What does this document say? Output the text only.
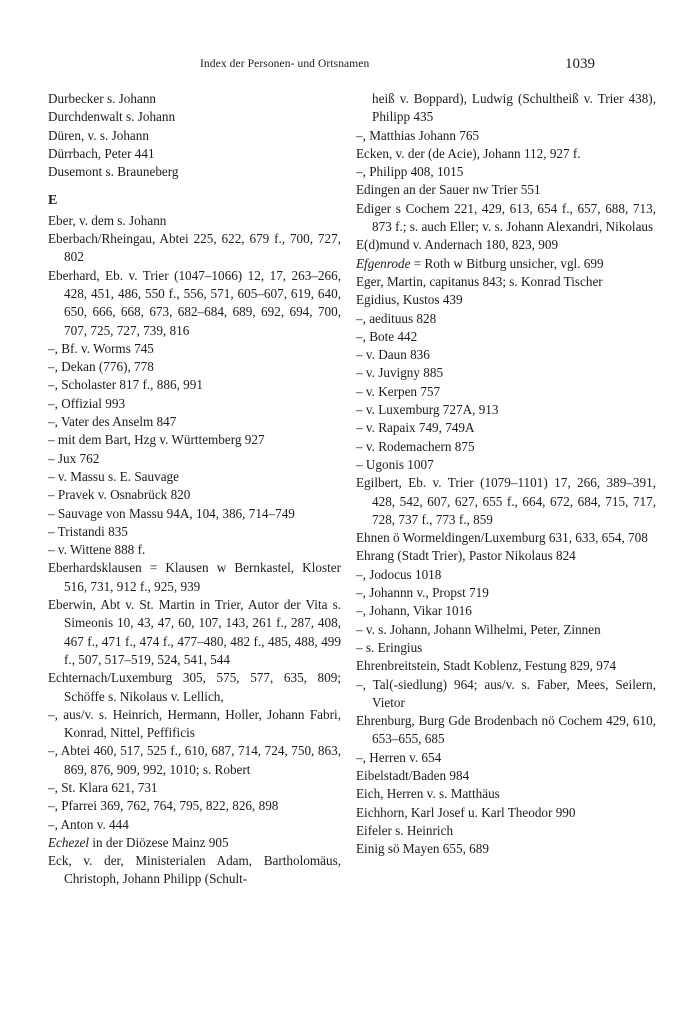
Index der Personen- und Ortsnamen	1039
Durbecker s. Johann
Durchdenwalt s. Johann
Düren, v. s. Johann
Dürrbach, Peter 441
Dusemont s. Brauneberg
E
Eber, v. dem s. Johann
Eberbach/Rheingau, Abtei 225, 622, 679 f., 700, 727, 802
Eberhard, Eb. v. Trier (1047–1066) 12, 17, 263–266, 428, 451, 486, 550 f., 556, 571, 605–607, 619, 640, 650, 666, 668, 673, 682–684, 689, 692, 694, 700, 707, 725, 727, 739, 816
–, Bf. v. Worms 745
–, Dekan (776), 778
–, Scholaster 817 f., 886, 991
–, Offizial 993
–, Vater des Anselm 847
– mit dem Bart, Hzg v. Württemberg 927
– Jux 762
– v. Massu s. E. Sauvage
– Pravek v. Osnabrück 820
– Sauvage von Massu 94A, 104, 386, 714–749
– Tristandi 835
– v. Wittene 888 f.
Eberhardsklausen = Klausen w Bernkastel, Kloster 516, 731, 912 f., 925, 939
Eberwin, Abt v. St. Martin in Trier, Autor der Vita s. Simeonis 10, 43, 47, 60, 107, 143, 261 f., 287, 408, 467 f., 471 f., 474 f., 477–480, 482 f., 485, 488, 499 f., 507, 517–519, 524, 541, 544
Echternach/Luxemburg 305, 575, 577, 635, 809; Schöffe s. Nikolaus v. Lellich,
–, aus/v. s. Heinrich, Hermann, Holler, Johann Fabri, Konrad, Nittel, Peffificis
–, Abtei 460, 517, 525 f., 610, 687, 714, 724, 750, 863, 869, 876, 909, 992, 1010; s. Robert
–, St. Klara 621, 731
–, Pfarrei 369, 762, 764, 795, 822, 826, 898
–, Anton v. 444
Echezel in der Diözese Mainz 905
Eck, v. der, Ministerialen Adam, Bartholomäus, Christoph, Johann Philipp (Schult-
heiß v. Boppard), Ludwig (Schultheiß v. Trier 438), Philipp 435
–, Matthias Johann 765
Ecken, v. der (de Acie), Johann 112, 927 f.
–, Philipp 408, 1015
Edingen an der Sauer nw Trier 551
Ediger s Cochem 221, 429, 613, 654 f., 657, 688, 713, 873 f.; s. auch Eller; v. s. Johann Alexandri, Nikolaus
E(d)mund v. Andernach 180, 823, 909
Efgenrode = Roth w Bitburg unsicher, vgl. 699
Eger, Martin, capitanus 843; s. Konrad Tischer
Egidius, Kustos 439
–, aedituus 828
–, Bote 442
– v. Daun 836
– v. Juvigny 885
– v. Kerpen 757
– v. Luxemburg 727A, 913
– v. Rapaix 749, 749A
– v. Rodemachern 875
– Ugonis 1007
Egilbert, Eb. v. Trier (1079–1101) 17, 266, 389–391, 428, 542, 607, 627, 655 f., 664, 672, 684, 715, 717, 728, 737 f., 773 f., 859
Ehnen ö Wormeldingen/Luxemburg 631, 633, 654, 708
Ehrang (Stadt Trier), Pastor Nikolaus 824
–, Jodocus 1018
–, Johannn v., Propst 719
–, Johann, Vikar 1016
– v. s. Johann, Johann Wilhelmi, Peter, Zinnen
– s. Eringius
Ehrenbreitstein, Stadt Koblenz, Festung 829, 974
–, Tal(-siedlung) 964; aus/v. s. Faber, Mees, Seilern, Vietor
Ehrenburg, Burg Gde Brodenbach nö Cochem 429, 610, 653–655, 685
–, Herren v. 654
Eibelstadt/Baden 984
Eich, Herren v. s. Matthäus
Eichhorn, Karl Josef u. Karl Theodor 990
Eifeler s. Heinrich
Einig sö Mayen 655, 689
